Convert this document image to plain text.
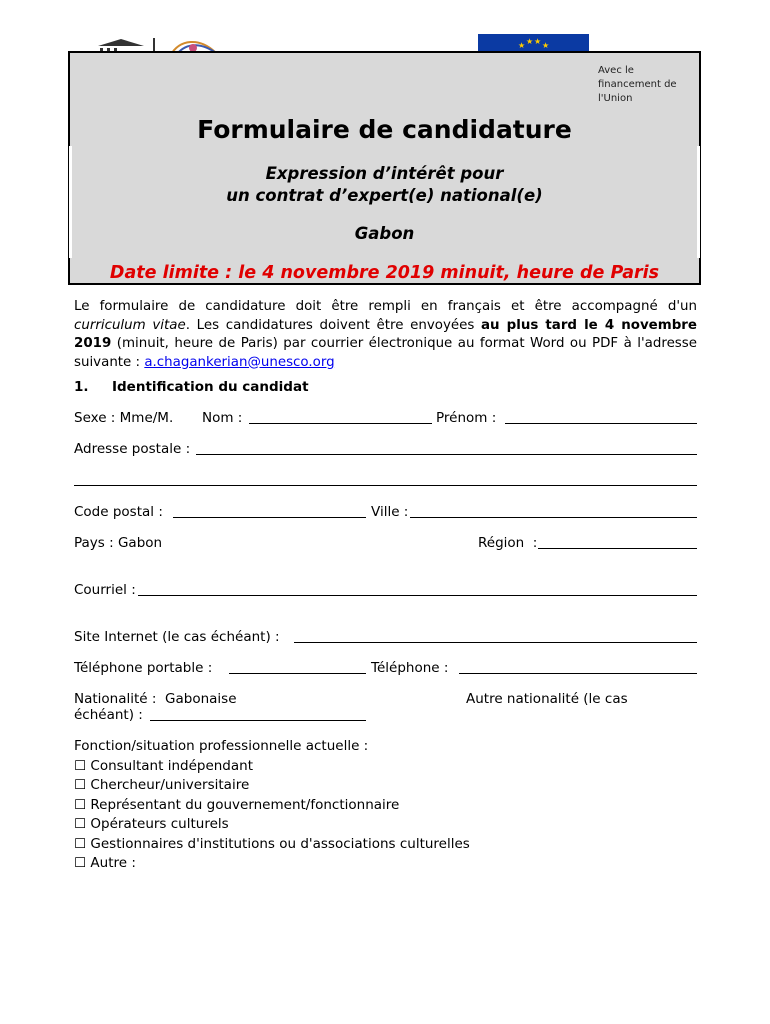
★ ★ ★ ★
Avec le financement de l'Union
Formulaire de candidature
Expression d’intérêt pour
un contrat d’expert(e) national(e)
Gabon
Date limite : le 4 novembre 2019 minuit, heure de Paris
Le formulaire de candidature doit être rempli en français et être accompagné d'un curriculum vitae. Les candidatures doivent être envoyées au plus tard le 4 novembre 2019 (minuit, heure de Paris) par courrier électronique au format Word ou PDF à l'adresse suivante : a.chagankerian@unesco.org
1. Identification du candidat
Sexe : Mme/M. Nom :	Prénom :
Adresse postale :
Code postal :	Ville :
Pays : Gabon	Région  :
Courriel :
Site Internet (le cas échéant) :
Téléphone portable :	Téléphone :
Nationalité :  Gabonaise	Autre nationalité (le cas
échéant) :
Fonction/situation professionnelle actuelle :
☐ Consultant indépendant
☐ Chercheur/universitaire
☐ Représentant du gouvernement/fonctionnaire
☐ Opérateurs culturels
☐ Gestionnaires d'institutions ou d'associations culturelles
☐ Autre :
